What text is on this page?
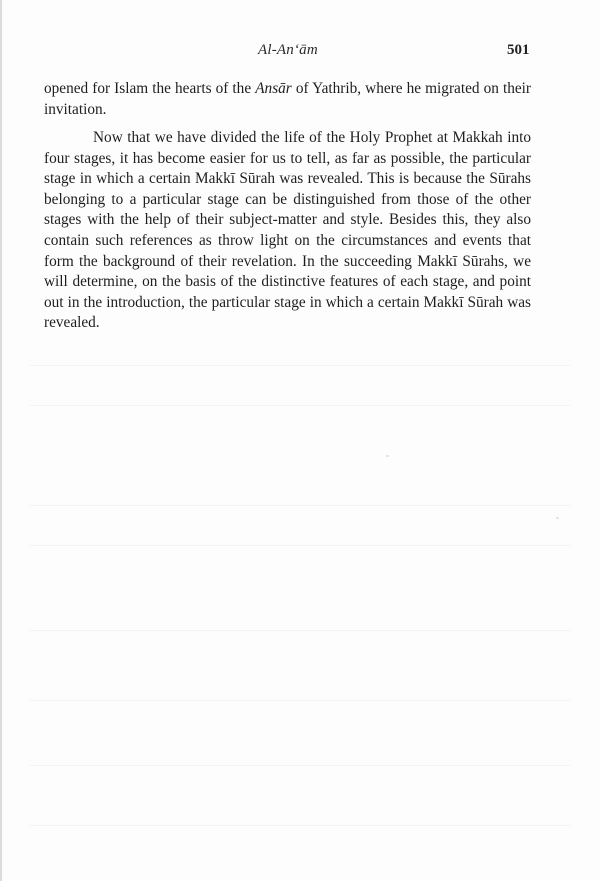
Al-An‘ām	501

opened for Islam the hearts of the Ansār of Yathrib, where he migrated on their invitation.

Now that we have divided the life of the Holy Prophet at Makkah into four stages, it has become easier for us to tell, as far as possible, the particular stage in which a certain Makkī Sūrah was revealed. This is because the Sūrahs belonging to a particular stage can be distinguished from those of the other stages with the help of their subject-matter and style. Besides this, they also contain such references as throw light on the circumstances and events that form the background of their revelation. In the succeeding Makkī Sūrahs, we will determine, on the basis of the distinctive features of each stage, and point out in the introduction, the particular stage in which a certain Makkī Sūrah was revealed.
